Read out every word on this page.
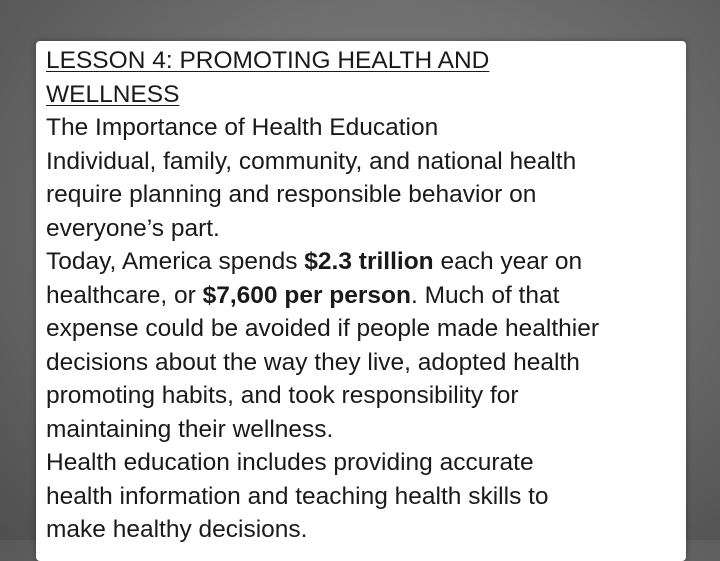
LESSON 4: PROMOTING HEALTH AND
WELLNESS
The Importance of Health Education
Individual, family, community, and national health
require planning and responsible behavior on
everyone’s part.
Today, America spends $2.3 trillion each year on
healthcare, or $7,600 per person. Much of that
expense could be avoided if people made healthier
decisions about the way they live, adopted health
promoting habits, and took responsibility for
maintaining their wellness.
Health education includes providing accurate
health information and teaching health skills to
make healthy decisions.
